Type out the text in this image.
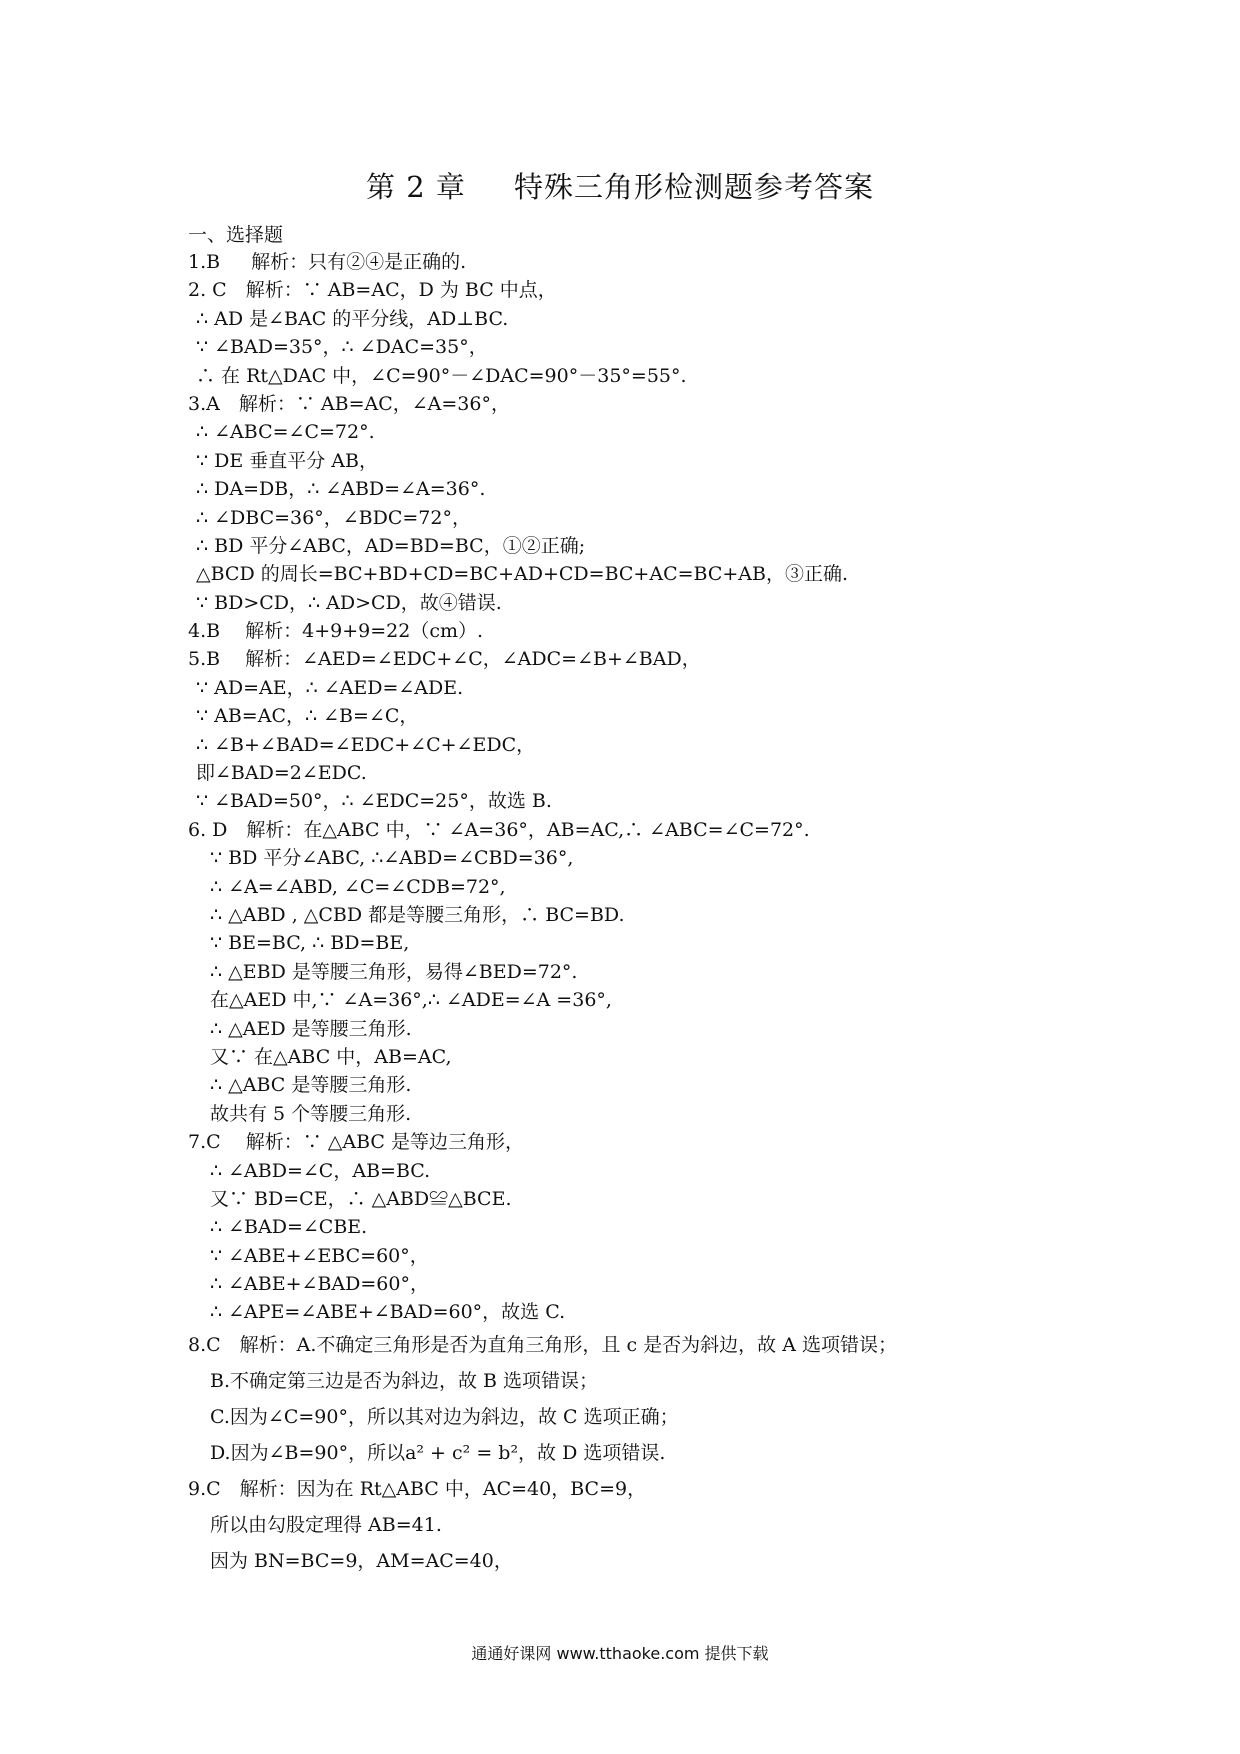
第 2 章 特殊三角形检测题参考答案
一、选择题
1.B 　 解析：只有②④是正确的.
2. C　解析：∵ AB=AC，D 为 BC 中点，
∴ AD 是∠BAC 的平分线，AD⊥BC.
∵ ∠BAD=35°，∴ ∠DAC=35°，
∴ 在 Rt△DAC 中，∠C=90°－∠DAC=90°－35°=55°.
3.A　解析：∵ AB=AC，∠A=36°，
∴ ∠ABC=∠C=72°.
∵ DE 垂直平分 AB，
∴ DA=DB，∴ ∠ABD=∠A=36°.
∴ ∠DBC=36°，∠BDC=72°，
∴ BD 平分∠ABC，AD=BD=BC，①②正确;
△BCD 的周长=BC+BD+CD=BC+AD+CD=BC+AC=BC+AB，③正确.
∵ BD>CD，∴ AD>CD，故④错误.
4.B　 解析：4+9+9=22（cm）.
5.B　 解析：∠AED=∠EDC+∠C，∠ADC=∠B+∠BAD，
∵ AD=AE，∴ ∠AED=∠ADE.
∵ AB=AC，∴ ∠B=∠C，
∴ ∠B+∠BAD=∠EDC+∠C+∠EDC，
即∠BAD=2∠EDC.
∵ ∠BAD=50°，∴ ∠EDC=25°，故选 B.
6. D　解析：在△ABC 中，∵ ∠A=36°，AB=AC,∴ ∠ABC=∠C=72°.
∵ BD 平分∠ABC, ∴∠ABD=∠CBD=36°,
∴ ∠A=∠ABD, ∠C=∠CDB=72°,
∴ △ABD , △CBD 都是等腰三角形，∴ BC=BD.
∵ BE=BC, ∴ BD=BE,
∴ △EBD 是等腰三角形，易得∠BED=72°.
在△AED 中,∵ ∠A=36°,∴ ∠ADE=∠A =36°,
∴ △AED 是等腰三角形.
又∵ 在△ABC 中，AB=AC,
∴ △ABC 是等腰三角形.
故共有 5 个等腰三角形.
7.C　 解析：∵ △ABC 是等边三角形，
∴ ∠ABD=∠C，AB=BC.
又∵ BD=CE，∴ △ABD≌△BCE.
∴ ∠BAD=∠CBE.
∵ ∠ABE+∠EBC=60°，
∴ ∠ABE+∠BAD=60°，
∴ ∠APE=∠ABE+∠BAD=60°，故选 C.
8.C　解析：A.不确定三角形是否为直角三角形，且 c 是否为斜边，故 A 选项错误；
B.不确定第三边是否为斜边，故 B 选项错误；
C.因为∠C=90°，所以其对边为斜边，故 C 选项正确；
D.因为∠B=90°，所以a² + c² = b²，故 D 选项错误.
9.C　解析：因为在 Rt△ABC 中，AC=40，BC=9，
所以由勾股定理得 AB=41.
因为 BN=BC=9，AM=AC=40，
通通好课网 www.tthaoke.com 提供下载
